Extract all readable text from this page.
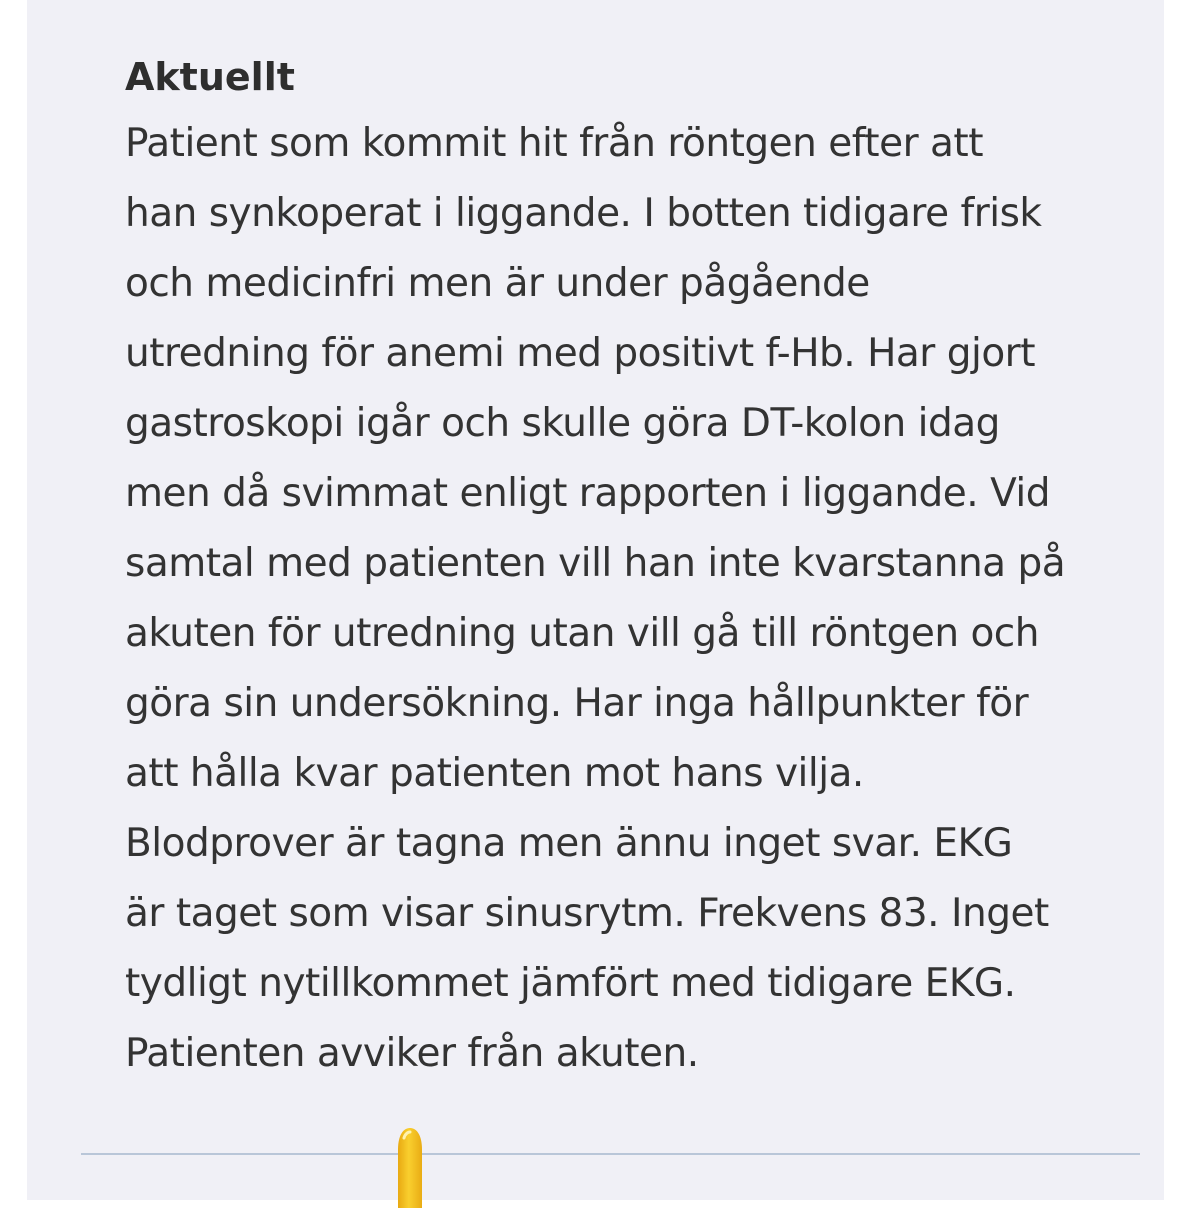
Aktuellt
Patient som kommit hit från röntgen efter att
han synkoperat i liggande. I botten tidigare frisk
och medicinfri men är under pågående
utredning för anemi med positivt f-Hb. Har gjort
gastroskopi igår och skulle göra DT-kolon idag
men då svimmat enligt rapporten i liggande. Vid
samtal med patienten vill han inte kvarstanna på
akuten för utredning utan vill gå till röntgen och
göra sin undersökning. Har inga hållpunkter för
att hålla kvar patienten mot hans vilja.
Blodprover är tagna men ännu inget svar. EKG
är taget som visar sinusrytm. Frekvens 83. Inget
tydligt nytillkommet jämfört med tidigare EKG.
Patienten avviker från akuten.
